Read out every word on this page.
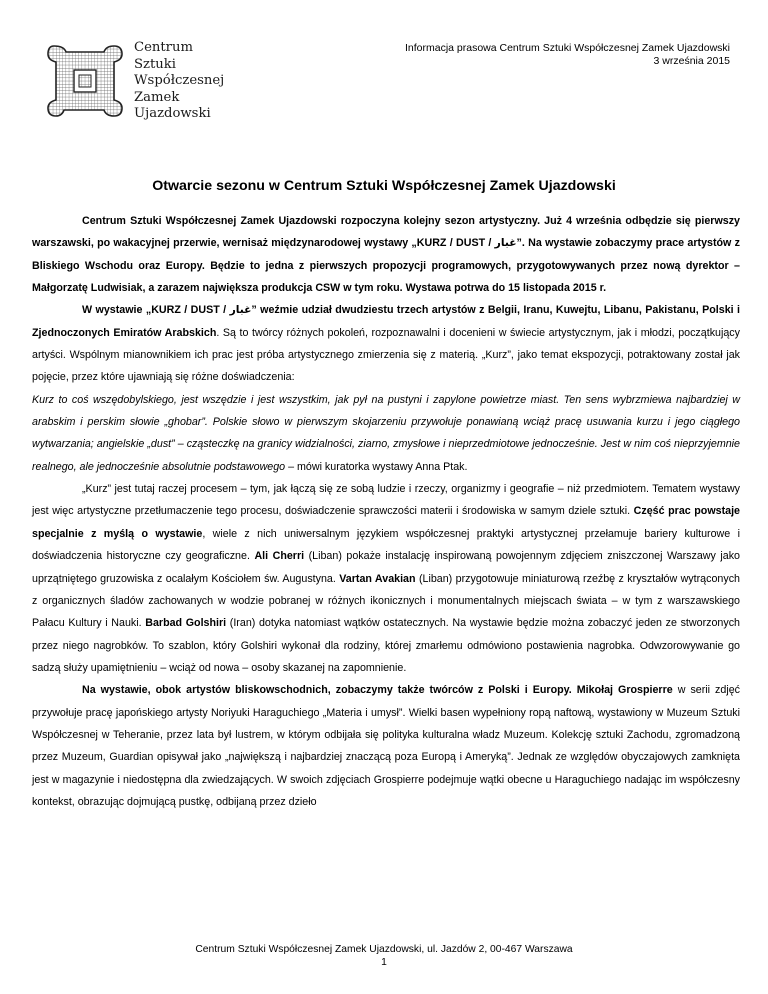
Centrum
Sztuki
Współczesnej
Zamek
Ujazdowski
Informacja prasowa Centrum Sztuki Współczesnej Zamek Ujazdowski
3 września 2015
Otwarcie sezonu w Centrum Sztuki Współczesnej Zamek Ujazdowski

Centrum Sztuki Współczesnej Zamek Ujazdowski rozpoczyna kolejny sezon artystyczny. Już 4 września odbędzie się pierwszy warszawski, po wakacyjnej przerwie, wernisaż międzynarodowej wystawy „KURZ / DUST / غبار”. Na wystawie zobaczymy prace artystów z Bliskiego Wschodu oraz Europy. Będzie to jedna z pierwszych propozycji programowych, przygotowywanych przez nową dyrektor – Małgorzatę Ludwisiak, a zarazem największa produkcja CSW w tym roku. Wystawa potrwa do 15 listopada 2015 r.

W wystawie „KURZ / DUST / غبار” weźmie udział dwudziestu trzech artystów z Belgii, Iranu, Kuwejtu, Libanu, Pakistanu, Polski i Zjednoczonych Emiratów Arabskich. Są to twórcy różnych pokoleń, rozpoznawalni i docenieni w świecie artystycznym, jak i młodzi, początkujący artyści. Wspólnym mianownikiem ich prac jest próba artystycznego zmierzenia się z materią. „Kurz”, jako temat ekspozycji, potraktowany został jak pojęcie, przez które ujawniają się różne doświadczenia:

Kurz to coś wszędobylskiego, jest wszędzie i jest wszystkim, jak pył na pustyni i zapylone powietrze miast. Ten sens wybrzmiewa najbardziej w arabskim i perskim słowie „ghobar”. Polskie słowo w pierwszym skojarzeniu przywołuje ponawianą wciąż pracę usuwania kurzu i jego ciągłego wytwarzania; angielskie „dust” – cząsteczkę na granicy widzialności, ziarno, zmysłowe i nieprzedmiotowe jednocześnie. Jest w nim coś nieprzyjemnie realnego, ale jednocześnie absolutnie podstawowego – mówi kuratorka wystawy Anna Ptak.

„Kurz” jest tutaj raczej procesem – tym, jak łączą się ze sobą ludzie i rzeczy, organizmy i geografie – niż przedmiotem. Tematem wystawy jest więc artystyczne przetłumaczenie tego procesu, doświadczenie sprawczości materii i środowiska w samym dziele sztuki. Część prac powstaje specjalnie z myślą o wystawie, wiele z nich uniwersalnym językiem współczesnej praktyki artystycznej przełamuje bariery kulturowe i doświadczenia historyczne czy geograficzne. Ali Cherri (Liban) pokaże instalację inspirowaną powojennym zdjęciem zniszczonej Warszawy jako uprzątniętego gruzowiska z ocalałym Kościołem św. Augustyna. Vartan Avakian (Liban) przygotowuje miniaturową rzeźbę z kryształów wytrąconych z organicznych śladów zachowanych w wodzie pobranej w różnych ikonicznych i monumentalnych miejscach świata – w tym z warszawskiego Pałacu Kultury i Nauki. Barbad Golshiri (Iran) dotyka natomiast wątków ostatecznych. Na wystawie będzie można zobaczyć jeden ze stworzonych przez niego nagrobków. To szablon, który Golshiri wykonał dla rodziny, której zmarłemu odmówiono postawienia nagrobka. Odwzorowywanie go sadzą służy upamiętnieniu – wciąż od nowa – osoby skazanej na zapomnienie.

Na wystawie, obok artystów bliskowschodnich, zobaczymy także twórców z Polski i Europy. Mikołaj Grospierre w serii zdjęć przywołuje pracę japońskiego artysty Noriyuki Haraguchiego „Materia i umysł”. Wielki basen wypełniony ropą naftową, wystawiony w Muzeum Sztuki Współczesnej w Teheranie, przez lata był lustrem, w którym odbijała się polityka kulturalna władz Muzeum. Kolekcję sztuki Zachodu, zgromadzoną przez Muzeum, Guardian opisywał jako „największą i najbardziej znaczącą poza Europą i Ameryką”. Jednak ze względów obyczajowych zamknięta jest w magazynie i niedostępna dla zwiedzających. W swoich zdjęciach Grospierre podejmuje wątki obecne u Haraguchiego nadając im współczesny kontekst, obrazując dojmującą pustkę, odbijaną przez dzieło

Centrum Sztuki Współczesnej Zamek Ujazdowski, ul. Jazdów 2, 00-467 Warszawa
1
